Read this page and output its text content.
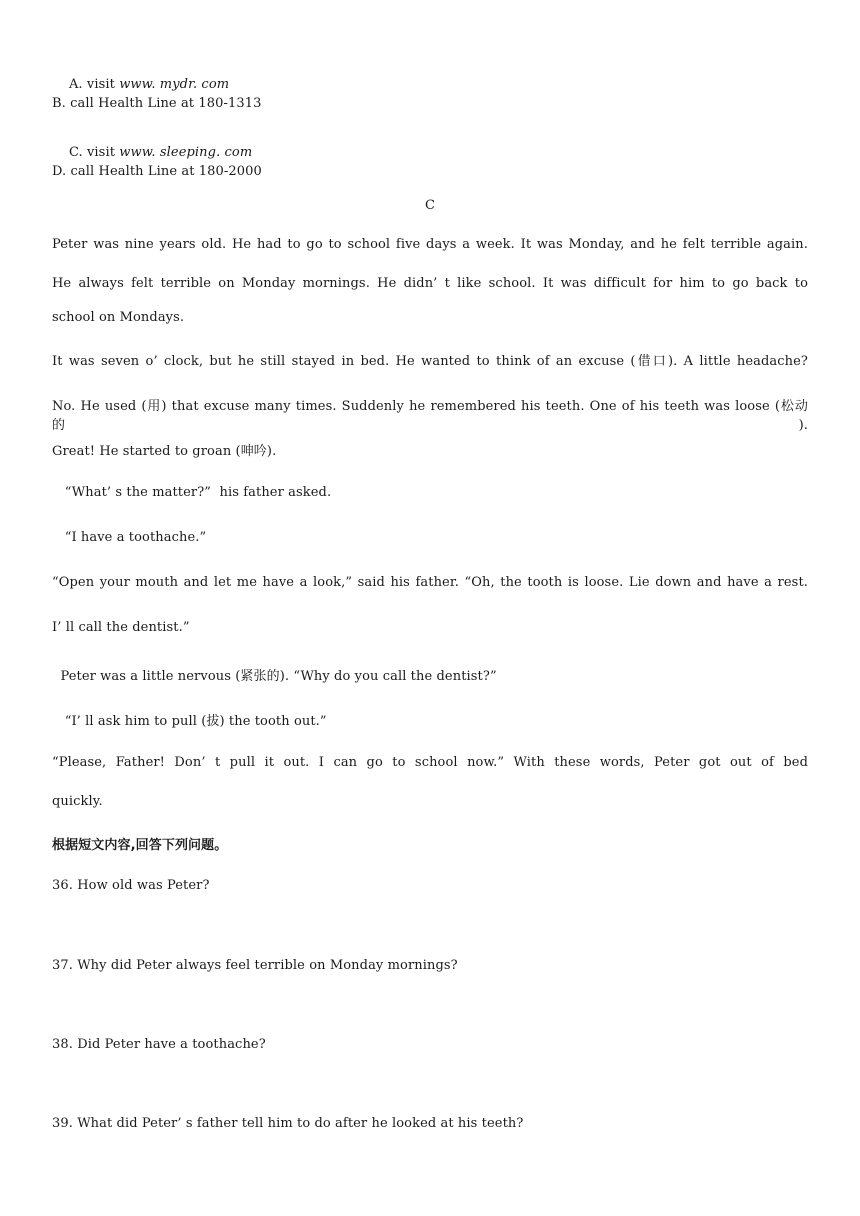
A. visit www. mydr. com

B. call Health Line at 180-1313

C. visit www. sleeping. com

D. call Health Line at 180-2000
C
Peter was nine years old. He had to go to school five days a week. It was Monday, and he felt terrible again.
He always felt terrible on Monday mornings. He didn’ t like school. It was difficult for him to go back to
school on Mondays.
It was seven o’ clock, but he still stayed in bed. He wanted to think of an excuse (借口). A little headache?
No. He used (用) that excuse many times. Suddenly he remembered his teeth. One of his teeth was loose (松动的).
Great! He started to groan (呻吟).
“What’ s the matter?”  his father asked.
“I have a toothache.”
“Open your mouth and let me have a look,” said his father. “Oh, the tooth is loose. Lie down and have a rest.
I’ ll call the dentist.”
Peter was a little nervous (紧张的). “Why do you call the dentist?”
“I’ ll ask him to pull (拔) the tooth out.”
“Please, Father! Don’ t pull it out. I can go to school now.” With these words, Peter got out of bed
quickly.
根据短文内容,回答下列问题。
36. How old was Peter?
37. Why did Peter always feel terrible on Monday mornings?
38. Did Peter have a toothache?
39. What did Peter’ s father tell him to do after he looked at his teeth?
